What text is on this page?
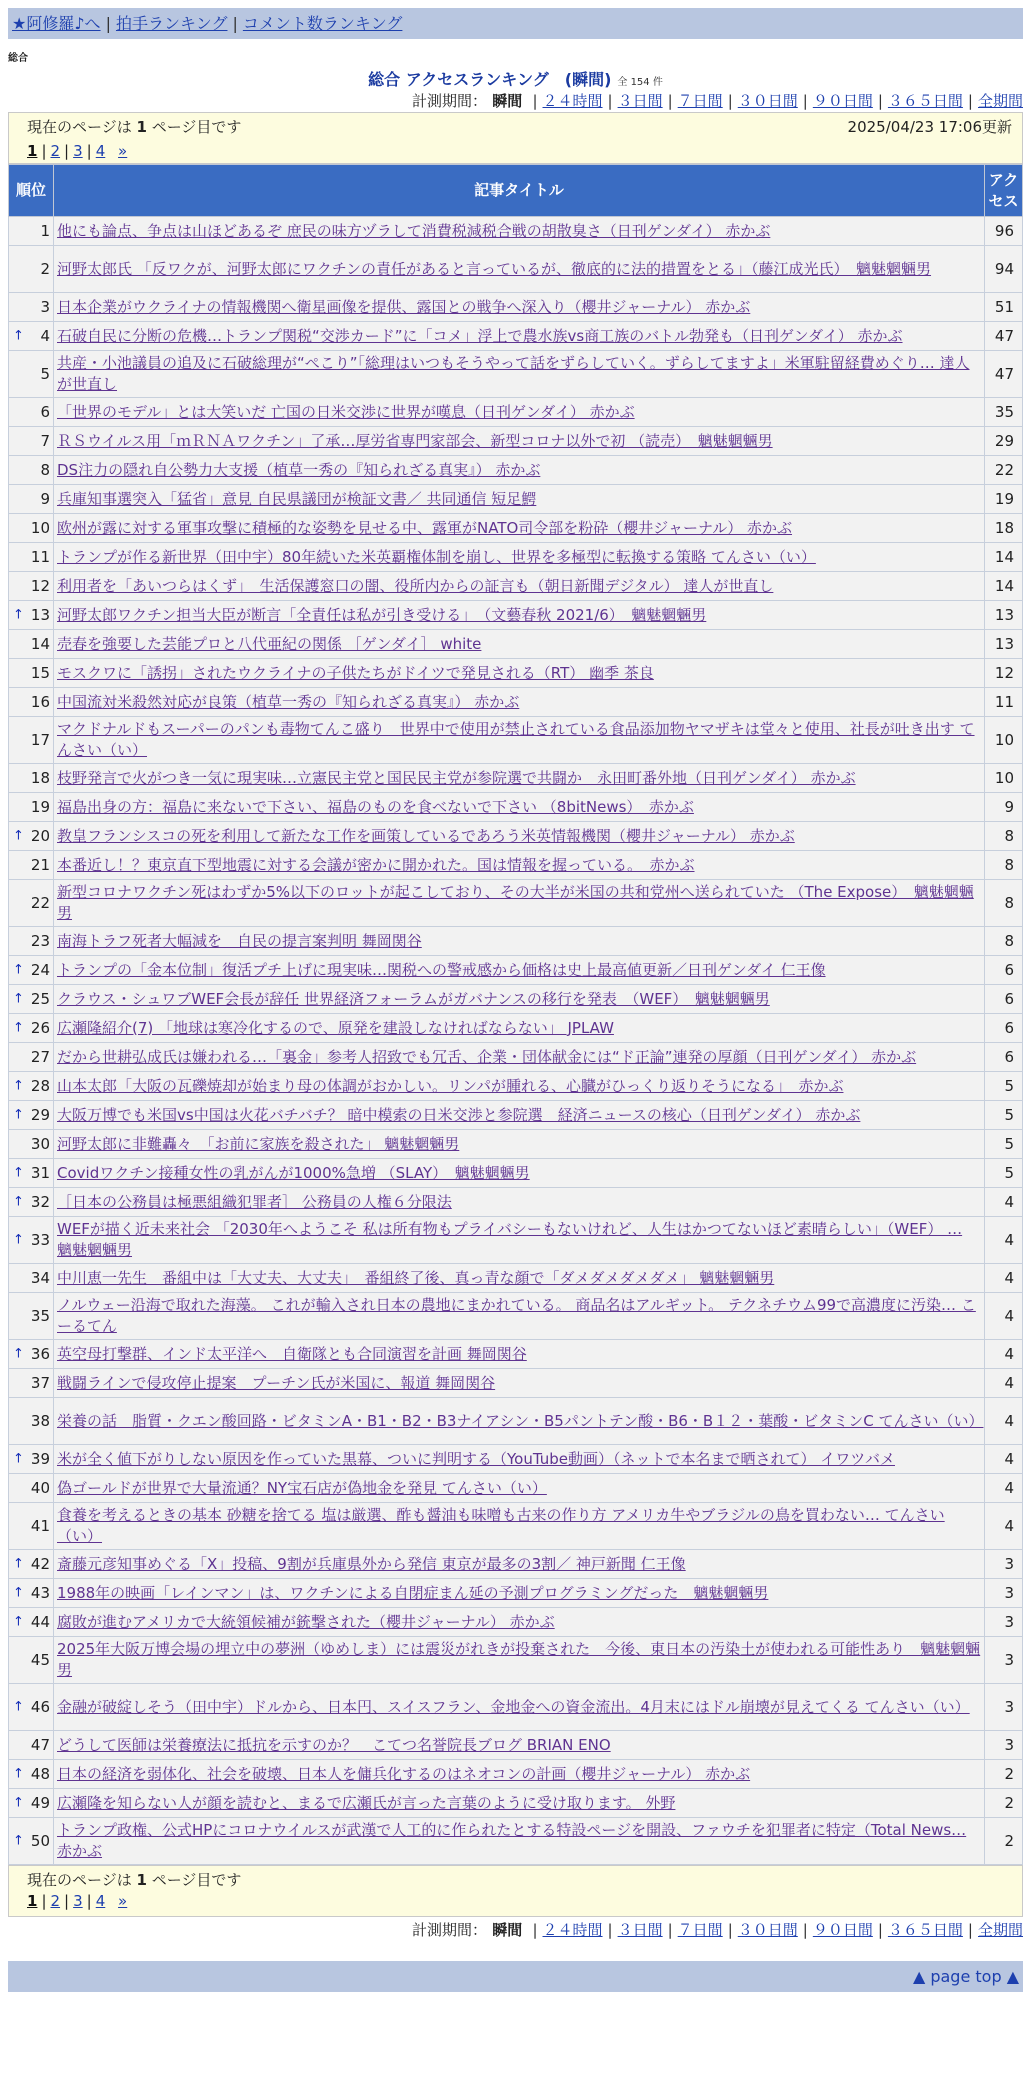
★阿修羅♪へ | 拍手ランキング | コメント数ランキング
総合
総合 アクセスランキング　(瞬間) 全 154 件
計測期間： 瞬間 | ２４時間 | ３日間 | ７日間 | ３０日間 | ９０日間 | ３６５日間 | 全期間
現在のページは 1 ページ目です	2025/04/23 17:06更新
1 | 2 | 3 | 4 »
順位	記事タイトル	アクセス
1	他にも論点、争点は山ほどあるぞ 庶民の味方ヅラして消費税減税合戦の胡散臭さ（日刊ゲンダイ） 赤かぶ	96
2	河野太郎氏 「反ワクが、河野太郎にワクチンの責任があると言っているが、徹底的に法的措置をとる」（藤江成光氏）　魑魅魍魎男	94
3	日本企業がウクライナの情報機関へ衛星画像を提供、露国との戦争へ深入り（櫻井ジャーナル） 赤かぶ	51

↑ 4	石破自民に分断の危機…トランプ関税“交渉カード”に「コメ」浮上で農水族vs商工族のバトル勃発も（日刊ゲンダイ） 赤かぶ	47
5	共産・小池議員の追及に石破総理が“ぺこり”「総理はいつもそうやって話をずらしていく。ずらしてますよ」米軍駐留経費めぐり… 達人が世直し	47
6	「世界のモデル」とは大笑いだ 亡国の日米交渉に世界が嘆息（日刊ゲンダイ） 赤かぶ	35
7	ＲＳウイルス用「ｍＲＮＡワクチン」了承…厚労省専門家部会、新型コロナ以外で初 （読売）　魑魅魍魎男	29
8	DS注力の隠れ自公勢力大支援（植草一秀の『知られざる真実』） 赤かぶ	22
9	兵庫知事選突入「猛省」意見 自民県議団が検証文書／ 共同通信 短足鰐	19
10	欧州が露に対する軍事攻撃に積極的な姿勢を見せる中、露軍がNATO司令部を粉砕（櫻井ジャーナル） 赤かぶ	18
11	トランプが作る新世界（田中宇）80年続いた米英覇権体制を崩し、世界を多極型に転換する策略 てんさい（い）	14
12	利用者を「あいつらはくず」　生活保護窓口の闇、役所内からの証言も（朝日新聞デジタル） 達人が世直し	14

↑ 13	河野太郎ワクチン担当大臣が断言「全責任は私が引き受ける」　（文藝春秋 2021/6）　魑魅魍魎男	13
14	売春を強要した芸能プロと八代亜紀の関係 ［ゲンダイ］ white	13
15	モスクワに「誘拐」されたウクライナの子供たちがドイツで発見される（RT） 幽季 茶良	12
16	中国流対米殺然対応が良策（植草一秀の『知られざる真実』） 赤かぶ	11
17	マクドナルドもスーパーのパンも毒物てんこ盛り　世界中で使用が禁止されている食品添加物ヤマザキは堂々と使用、社長が吐き出す てんさい（い）	10
18	枝野発言で火がつき一気に現実味…立憲民主党と国民民主党が参院選で共闘か　永田町番外地（日刊ゲンダイ） 赤かぶ	10
19	福島出身の方：福島に来ないで下さい、福島のものを食べないで下さい （8bitNews）　赤かぶ	9

↑ 20	教皇フランシスコの死を利用して新たな工作を画策しているであろう米英情報機関（櫻井ジャーナル） 赤かぶ	8
21	本番近し！？東京直下型地震に対する会議が密かに開かれた。国は情報を握っている。　赤かぶ	8
22	新型コロナワクチン死はわずか5%以下のロットが起こしており、その大半が米国の共和党州へ送られていた （The Expose）　魑魅魍魎男	8
23	南海トラフ死者大幅減を　自民の提言案判明 舞岡関谷	8

↑ 24	トランプの「金本位制」復活プチ上げに現実味…関税への警戒感から価格は史上最高値更新／日刊ゲンダイ 仁王像	6

↑ 25	クラウス・シュワブWEF会長が辞任 世界経済フォーラムがガバナンスの移行を発表　（WEF）　魑魅魍魎男	6

↑ 26	広瀬隆紹介(7) 「地球は寒冷化するので、原発を建設しなければならない」 JPLAW	6
27	だから世耕弘成氏は嫌われる…「裏金」参考人招致でも冗舌、企業・団体献金には“ド正論”連発の厚顔（日刊ゲンダイ） 赤かぶ	6

↑ 28	山本太郎「大阪の瓦礫焼却が始まり母の体調がおかしい。リンパが腫れる、心臓がひっくり返りそうになる」　赤かぶ	5

↑ 29	大阪万博でも米国vs中国は火花バチバチ？ 暗中模索の日米交渉と参院選　経済ニュースの核心（日刊ゲンダイ） 赤かぶ	5
30	河野太郎に非難轟々　「お前に家族を殺された」 魑魅魍魎男	5

↑ 31	Covidワクチン接種女性の乳がんが1000%急増 （SLAY）　魑魅魍魎男	5

↑ 32	［日本の公務員は極悪組織犯罪者］ 公務員の人権６分限法	4

↑ 33	WEFが描く近未来社会 「2030年へようこそ 私は所有物もプライバシーもないけれど、人生はかつてないほど素晴らしい」（WEF） … 魑魅魍魎男	4
34	中川恵一先生　番組中は「大丈夫、大丈夫」　番組終了後、真っ青な顔で「ダメダメダメダメ」 魑魅魍魎男	4
35	ノルウェー沿海で取れた海藻。 これが輸入され日本の農地にまかれている。 商品名はアルギット。 テクネチウム99で高濃度に汚染… こーるてん	4

↑ 36	英空母打撃群、インド太平洋へ　自衛隊とも合同演習を計画 舞岡関谷	4
37	戦闘ラインで侵攻停止提案　プーチン氏が米国に、報道 舞岡関谷	4
38	栄養の話　脂質・クエン酸回路・ビタミンA・B1・B2・B3ナイアシン・B5パントテン酸・B6・B１２・葉酸・ビタミンC てんさい（い）	4

↑ 39	米が全く値下がりしない原因を作っていた黒幕、ついに判明する（YouTube動画）（ネットで本名まで晒されて） イワツバメ	4
40	偽ゴールドが世界で大量流通？NY宝石店が偽地金を発見 てんさい（い）	4
41	食養を考えるときの基本 砂糖を捨てる 塩は厳選、酢も醤油も味噌も古来の作り方 アメリカ牛やブラジルの鳥を買わない… てんさい（い）	4

↑ 42	斎藤元彦知事めぐる「X」投稿、9割が兵庫県外から発信 東京が最多の3割／ 神戸新聞 仁王像	3

↑ 43	1988年の映画「レインマン」は、ワクチンによる自閉症まん延の予測プログラミングだった　魑魅魍魎男	3

↑ 44	腐敗が進むアメリカで大統領候補が銃撃された（櫻井ジャーナル） 赤かぶ	3
45	2025年大阪万博会場の埋立中の夢洲（ゆめしま）には震災がれきが投棄された　今後、東日本の汚染土が使われる可能性あり　魑魅魍魎男	3

↑ 46	金融が破綻しそう（田中宇）ドルから、日本円、スイスフラン、金地金への資金流出。4月末にはドル崩壊が見えてくる てんさい（い）	3
47	どうして医師は栄養療法に抵抗を示すのか？　こてつ名誉院長ブログ BRIAN ENO	3

↑ 48	日本の経済を弱体化、社会を破壊、日本人を傭兵化するのはネオコンの計画（櫻井ジャーナル） 赤かぶ	2

↑ 49	広瀬隆を知らない人が顔を読むと、まるで広瀬氏が言った言葉のように受け取ります。 外野	2

↑ 50	トランプ政権、公式HPにコロナウイルスが武漢で人工的に作られたとする特設ページを開設、ファウチを犯罪者に特定（Total News… 赤かぶ	2
現在のページは 1 ページ目です
1 | 2 | 3 | 4 »
計測期間： 瞬間 | ２４時間 | ３日間 | ７日間 | ３０日間 | ９０日間 | ３６５日間 | 全期間
▲ page top ▲
